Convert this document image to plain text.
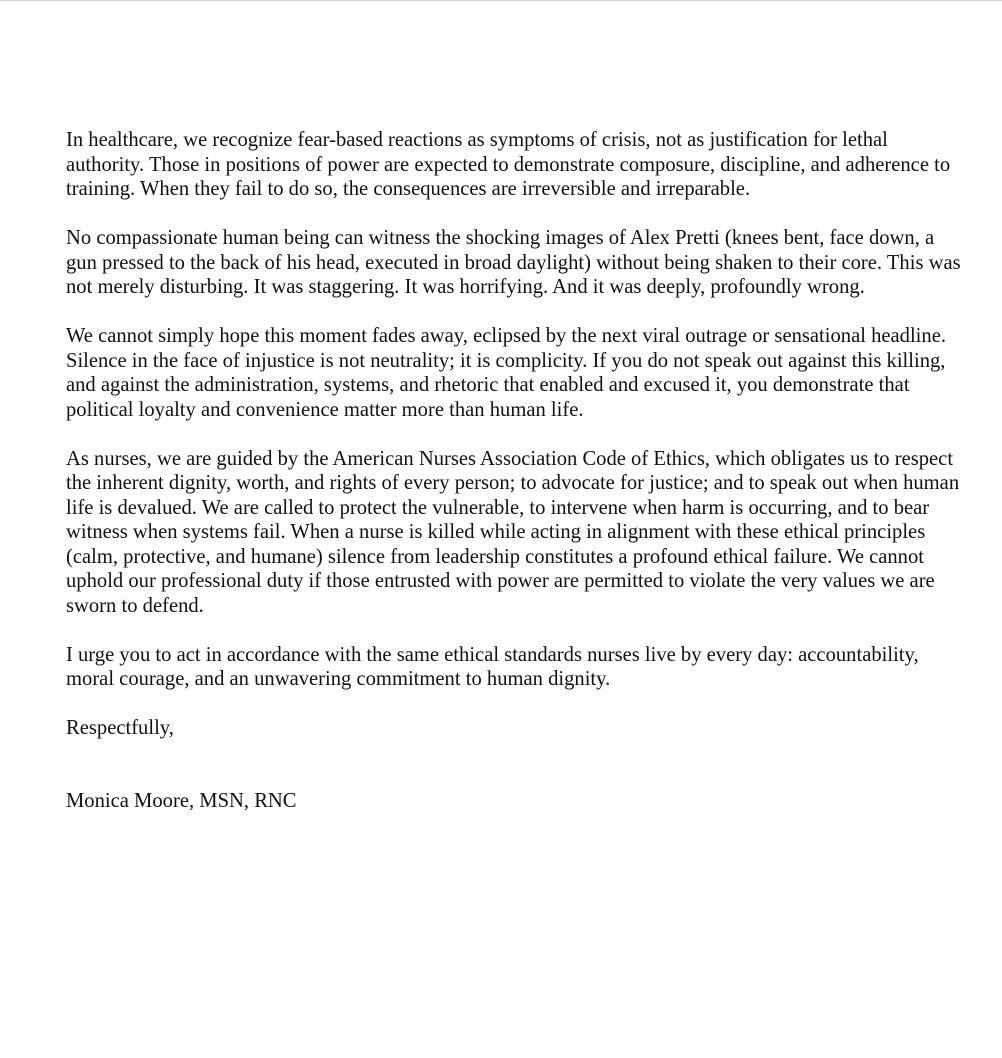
In healthcare, we recognize fear-based reactions as symptoms of crisis, not as justification for lethal authority. Those in positions of power are expected to demonstrate composure, discipline, and adherence to training. When they fail to do so, the consequences are irreversible and irreparable.

No compassionate human being can witness the shocking images of Alex Pretti (knees bent, face down, a gun pressed to the back of his head, executed in broad daylight) without being shaken to their core. This was not merely disturbing. It was staggering. It was horrifying. And it was deeply, profoundly wrong.

We cannot simply hope this moment fades away, eclipsed by the next viral outrage or sensational headline. Silence in the face of injustice is not neutrality; it is complicity. If you do not speak out against this killing, and against the administration, systems, and rhetoric that enabled and excused it, you demonstrate that political loyalty and convenience matter more than human life.

As nurses, we are guided by the American Nurses Association Code of Ethics, which obligates us to respect the inherent dignity, worth, and rights of every person; to advocate for justice; and to speak out when human life is devalued. We are called to protect the vulnerable, to intervene when harm is occurring, and to bear witness when systems fail. When a nurse is killed while acting in alignment with these ethical principles (calm, protective, and humane) silence from leadership constitutes a profound ethical failure. We cannot uphold our professional duty if those entrusted with power are permitted to violate the very values we are sworn to defend.

I urge you to act in accordance with the same ethical standards nurses live by every day: accountability, moral courage, and an unwavering commitment to human dignity.

Respectfully,

Monica Moore, MSN, RNC
